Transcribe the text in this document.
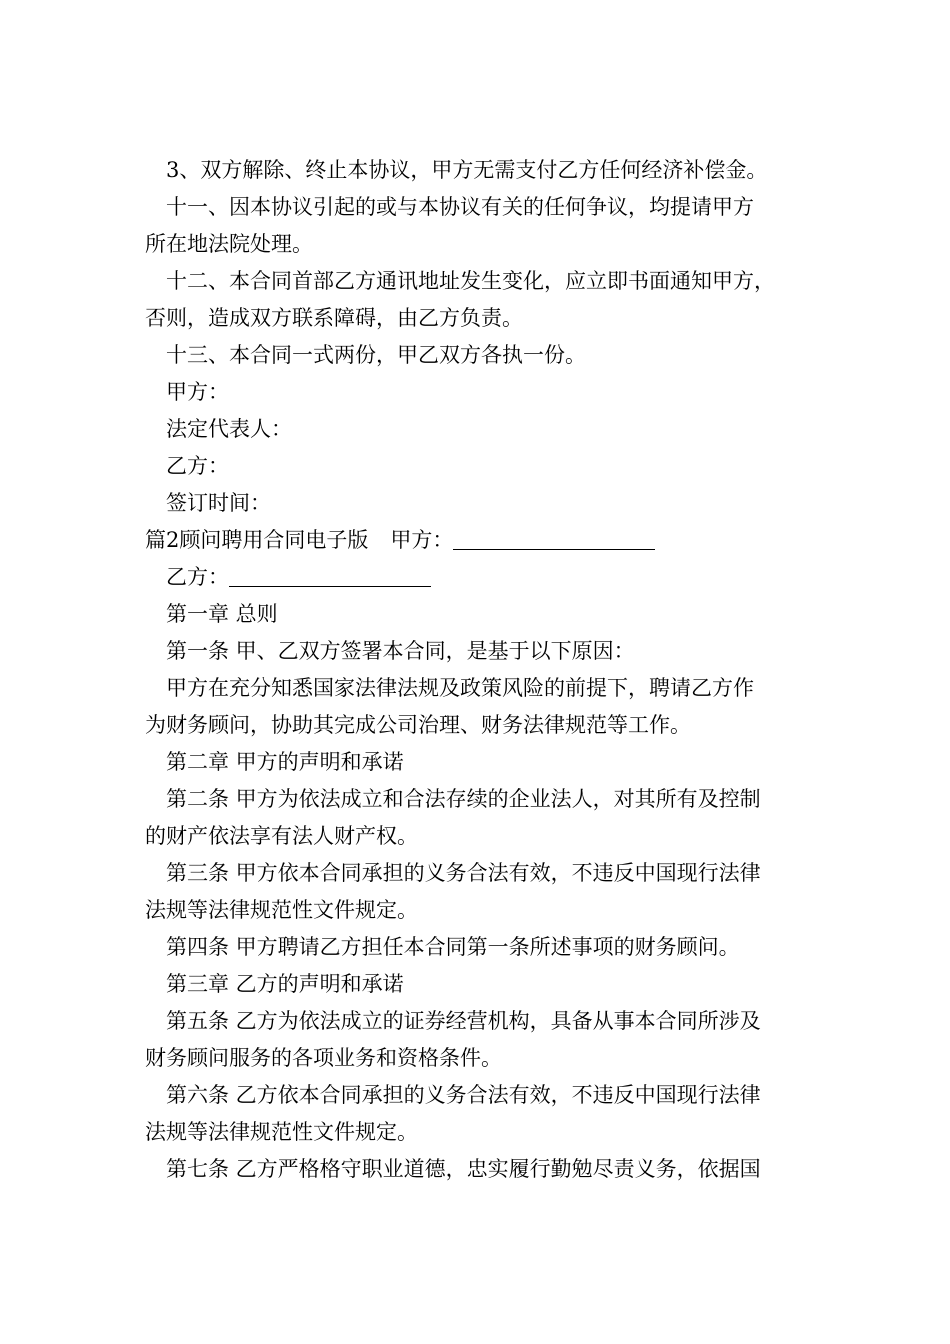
3、双方解除、终止本协议，甲方无需支付乙方任何经济补偿金。

十一、因本协议引起的或与本协议有关的任何争议，均提请甲方

所在地法院处理。

十二、本合同首部乙方通讯地址发生变化，应立即书面通知甲方，

否则，造成双方联系障碍，由乙方负责。

十三、本合同一式两份，甲乙双方各执一份。

甲方：

法定代表人：

乙方：

签订时间：

篇2顾问聘用合同电子版 甲方：

乙方：

第一章 总则

第一条 甲、乙双方签署本合同，是基于以下原因：

甲方在充分知悉国家法律法规及政策风险的前提下，聘请乙方作

为财务顾问，协助其完成公司治理、财务法律规范等工作。

第二章 甲方的声明和承诺

第二条 甲方为依法成立和合法存续的企业法人，对其所有及控制

的财产依法享有法人财产权。

第三条 甲方依本合同承担的义务合法有效，不违反中国现行法律

法规等法律规范性文件规定。

第四条 甲方聘请乙方担任本合同第一条所述事项的财务顾问。

第三章 乙方的声明和承诺

第五条 乙方为依法成立的证券经营机构，具备从事本合同所涉及

财务顾问服务的各项业务和资格条件。

第六条 乙方依本合同承担的义务合法有效，不违反中国现行法律

法规等法律规范性文件规定。

第七条 乙方严格格守职业道德，忠实履行勤勉尽责义务，依据国
